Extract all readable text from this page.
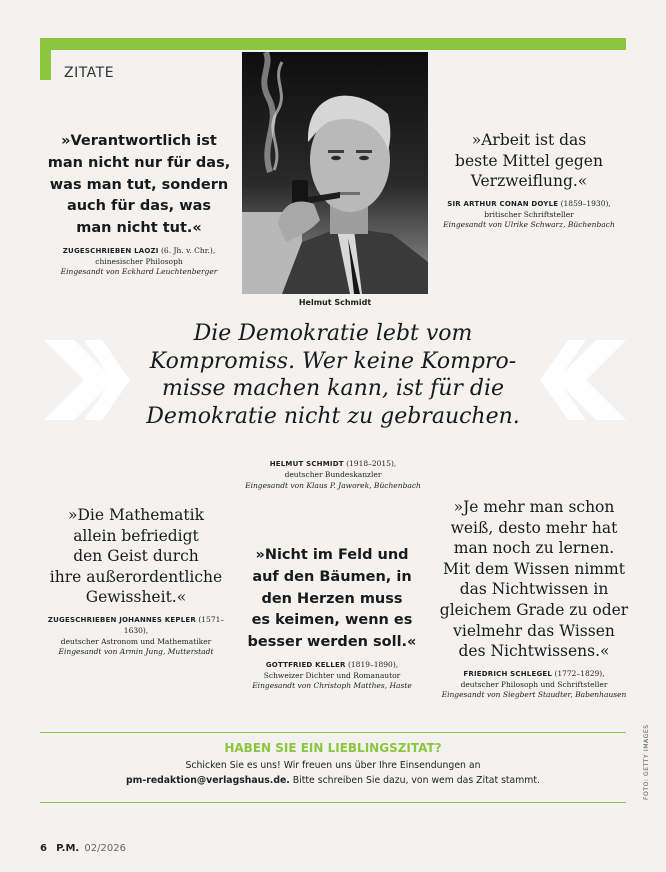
ZITATE
Helmut Schmidt
»Verantwortlich ist
man nicht nur für das,
was man tut, sondern
auch für das, was
man nicht tut.«
ZUGESCHRIEBEN LAOZI (6. Jh. v. Chr.),
chinesischer Philosoph
Eingesandt von Eckhard Leuchtenberger
»Arbeit ist das
beste Mittel gegen
Verzweiflung.«
SIR ARTHUR CONAN DOYLE (1859–1930),
britischer Schriftsteller
Eingesandt von Ulrike Schwarz, Büchenbach
Die Demokratie lebt vom
Kompromiss. Wer keine Kompro-
misse machen kann, ist für die
Demokratie nicht zu gebrauchen.
HELMUT SCHMIDT (1918–2015),
deutscher Bundeskanzler
Eingesandt von Klaus P. Jaworek, Büchenbach
»Die Mathematik
allein befriedigt
den Geist durch
ihre außerordentliche
Gewissheit.«
ZUGESCHRIEBEN JOHANNES KEPLER (1571–1630),
deutscher Astronom und Mathematiker
Eingesandt von Armin Jung, Mutterstadt
»Nicht im Feld und
auf den Bäumen, in
den Herzen muss
es keimen, wenn es
besser werden soll.«
GOTTFRIED KELLER (1819–1890),
Schweizer Dichter und Romanautor
Eingesandt von Christoph Matthes, Haste
»Je mehr man schon
weiß, desto mehr hat
man noch zu lernen.
Mit dem Wissen nimmt
das Nichtwissen in
gleichem Grade zu oder
vielmehr das Wissen
des Nichtwissens.«
FRIEDRICH SCHLEGEL (1772–1829),
deutscher Philosoph und Schriftsteller
Eingesandt von Siegbert Staudter, Babenhausen
HABEN SIE EIN LIEBLINGSZITAT?
Schicken Sie es uns! Wir freuen uns über Ihre Einsendungen an
pm-redaktion@verlagshaus.de. Bitte schreiben Sie dazu, von wem das Zitat stammt.	FOTO: GETTY IMAGES
6 P.M. 02/2026
